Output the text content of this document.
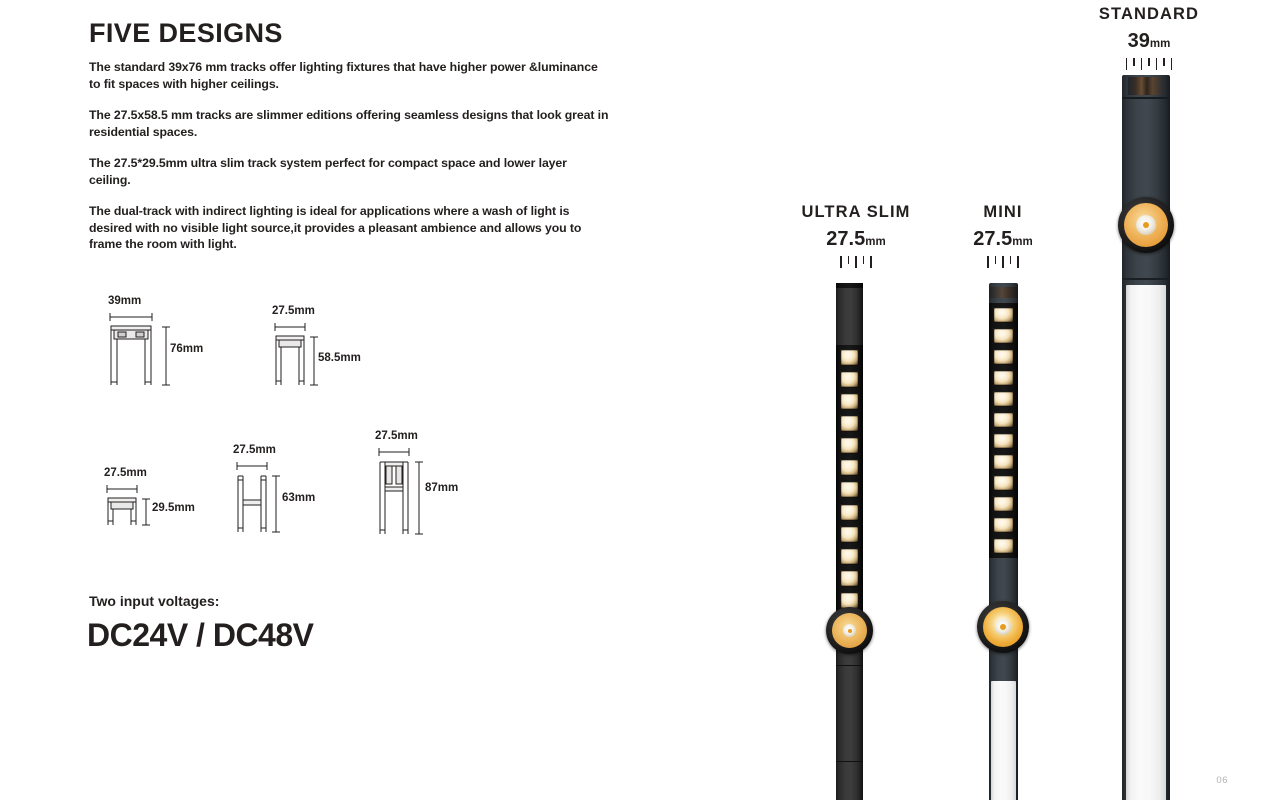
FIVE DESIGNS
The standard 39x76 mm tracks offer lighting fixtures that have higher power &luminance to fit spaces with higher ceilings.
The 27.5x58.5 mm tracks are slimmer editions offering seamless designs that look great in residential spaces.
The 27.5*29.5mm ultra slim track system perfect for compact space and lower layer ceiling.
The dual-track with indirect lighting is ideal for applications where a wash of light is desired with no visible light source,it provides a pleasant ambience and allows you to frame the room with light.
39mm
76mm
27.5mm
58.5mm
27.5mm
29.5mm
27.5mm
63mm
27.5mm
87mm
Two input voltages:
DC24V / DC48V
ULTRA SLIM
27.5mm
MINI
27.5mm
STANDARD
39mm
06
